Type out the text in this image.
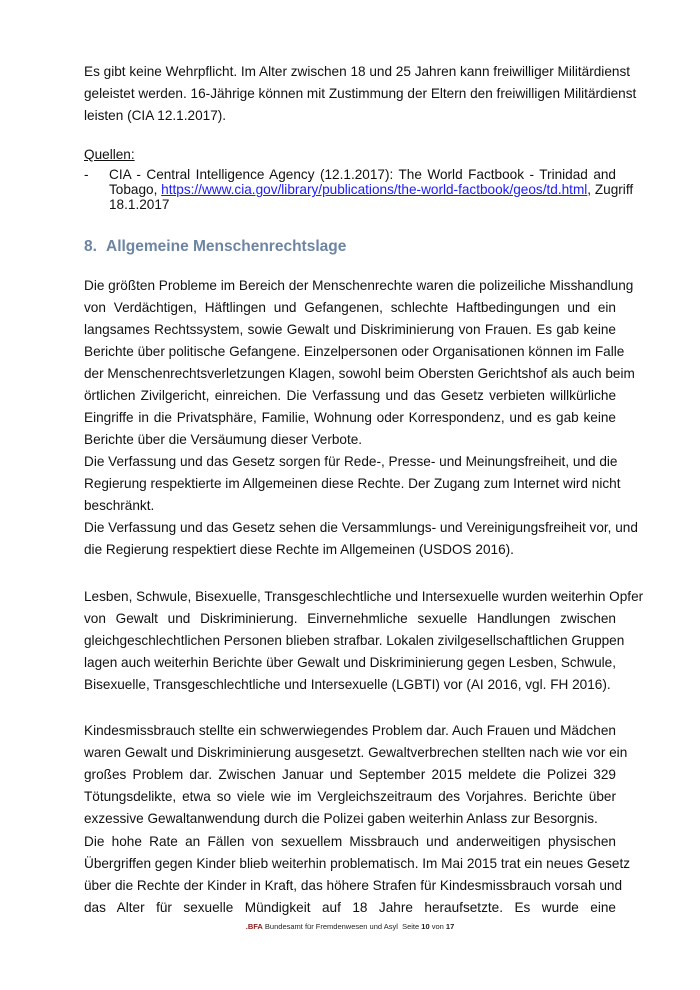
Es gibt keine Wehrpflicht. Im Alter zwischen 18 und 25 Jahren kann freiwilliger Militärdienst
geleistet werden. 16-Jährige können mit Zustimmung der Eltern den freiwilligen Militärdienst
leisten (CIA 12.1.2017).
Quellen:
-	CIA - Central Intelligence Agency (12.1.2017): The World Factbook - Trinidad and
Tobago, https://www.cia.gov/library/publications/the-world-factbook/geos/td.html, Zugriff
18.1.2017
8. Allgemeine Menschenrechtslage
Die größten Probleme im Bereich der Menschenrechte waren die polizeiliche Misshandlung
von Verdächtigen, Häftlingen und Gefangenen, schlechte Haftbedingungen und ein
langsames Rechtssystem, sowie Gewalt und Diskriminierung von Frauen. Es gab keine
Berichte über politische Gefangene. Einzelpersonen oder Organisationen können im Falle
der Menschenrechtsverletzungen Klagen, sowohl beim Obersten Gerichtshof als auch beim
örtlichen Zivilgericht, einreichen. Die Verfassung und das Gesetz verbieten willkürliche
Eingriffe in die Privatsphäre, Familie, Wohnung oder Korrespondenz, und es gab keine
Berichte über die Versäumung dieser Verbote.
Die Verfassung und das Gesetz sorgen für Rede-, Presse- und Meinungsfreiheit, und die
Regierung respektierte im Allgemeinen diese Rechte. Der Zugang zum Internet wird nicht
beschränkt.
Die Verfassung und das Gesetz sehen die Versammlungs- und Vereinigungsfreiheit vor, und
die Regierung respektiert diese Rechte im Allgemeinen (USDOS 2016).
Lesben, Schwule, Bisexuelle, Transgeschlechtliche und Intersexuelle wurden weiterhin Opfer
von Gewalt und Diskriminierung. Einvernehmliche sexuelle Handlungen zwischen
gleichgeschlechtlichen Personen blieben strafbar. Lokalen zivilgesellschaftlichen Gruppen
lagen auch weiterhin Berichte über Gewalt und Diskriminierung gegen Lesben, Schwule,
Bisexuelle, Transgeschlechtliche und Intersexuelle (LGBTI) vor (AI 2016, vgl. FH 2016).
Kindesmissbrauch stellte ein schwerwiegendes Problem dar. Auch Frauen und Mädchen
waren Gewalt und Diskriminierung ausgesetzt. Gewaltverbrechen stellten nach wie vor ein
großes Problem dar. Zwischen Januar und September 2015 meldete die Polizei 329
Tötungsdelikte, etwa so viele wie im Vergleichszeitraum des Vorjahres. Berichte über
exzessive Gewaltanwendung durch die Polizei gaben weiterhin Anlass zur Besorgnis.
Die hohe Rate an Fällen von sexuellem Missbrauch und anderweitigen physischen
Übergriffen gegen Kinder blieb weiterhin problematisch. Im Mai 2015 trat ein neues Gesetz
über die Rechte der Kinder in Kraft, das höhere Strafen für Kindesmissbrauch vorsah und
das Alter für sexuelle Mündigkeit auf 18 Jahre heraufsetzte. Es wurde eine
.BFA Bundesamt für Fremdenwesen und Asyl Seite 10 von 17
